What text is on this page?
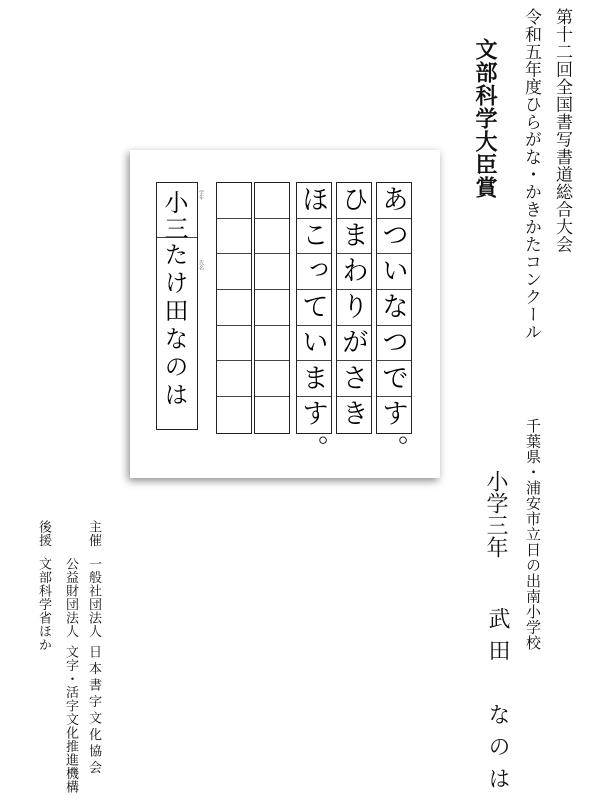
第十二回全国書写書道総合大会
令和五年度ひらがな・かきかたコンクール
文部科学大臣賞
あついなつです。
ひまわりがさき
ほこっています。
小三
たけ田なのは
学年
氏名
千葉県・浦安市立日の出南小学校
小学三年
武田　なのは
主催
一般社団法人
日本書字文化協会
公益財団法人
文字・活字文化推進機構
後援
文部科学省ほか
